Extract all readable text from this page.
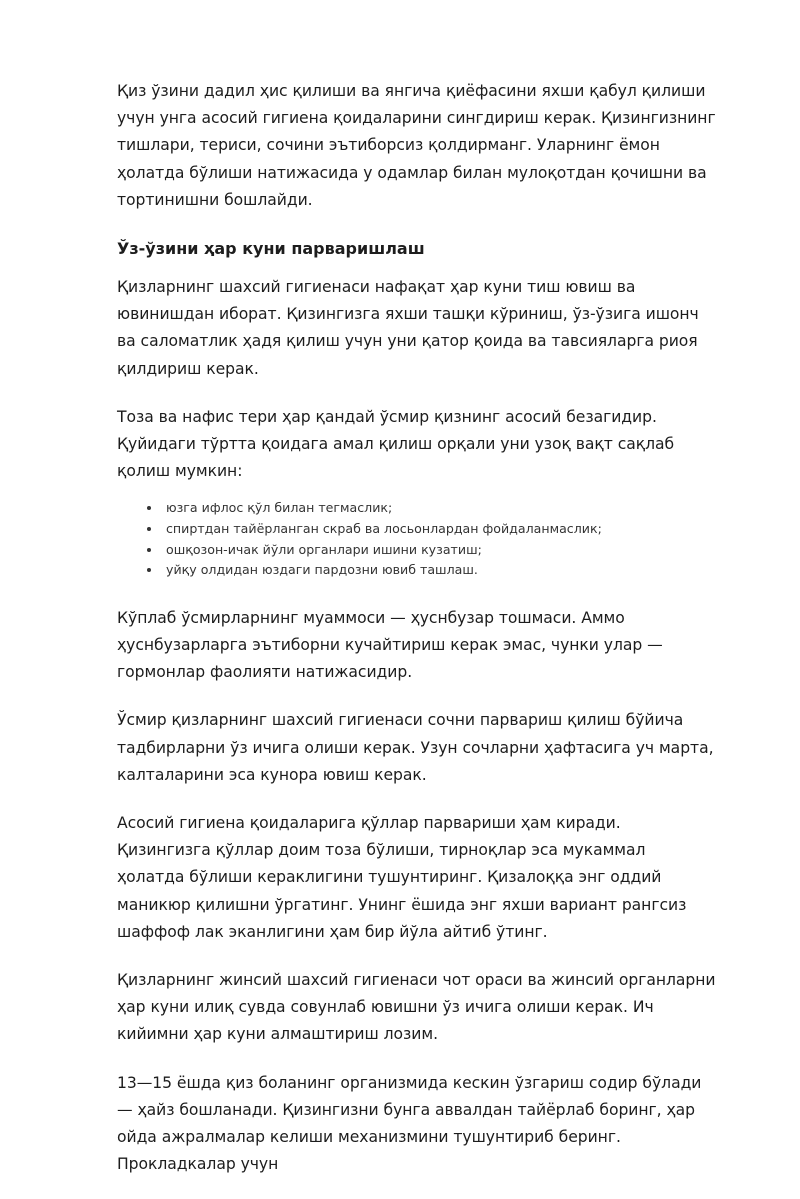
Қиз ўзини дадил ҳис қилиши ва янгича қиёфасини яхши қабул қилиши учун унга асосий гигиена қоидаларини сингдириш керак. Қизингизнинг тишлари, териси, сочини эътиборсиз қолдирманг. Уларнинг ёмон ҳолатда бўлиши натижасида у одамлар билан мулоқотдан қочишни ва тортинишни бошлайди.

Ўз-ўзини ҳар куни парваришлаш

Қизларнинг шахсий гигиенаси нафақат ҳар куни тиш ювиш ва ювинишдан иборат. Қизингизга яхши ташқи кўриниш, ўз-ўзига ишонч ва саломатлик ҳадя қилиш учун уни қатор қоида ва тавсияларга риоя қилдириш керак.

Тоза ва нафис тери ҳар қандай ўсмир қизнинг асосий безагидир. Қуйидаги тўртта қоидага амал қилиш орқали уни узоқ вақт сақлаб қолиш мумкин:

юзга ифлос қўл билан тегмаслик;
спиртдан тайёрланган скраб ва лосьонлардан фойдаланмаслик;
ошқозон-ичак йўли органлари ишини кузатиш;
уйқу олдидан юздаги пардозни ювиб ташлаш.

Кўплаб ўсмирларнинг муаммоси — ҳуснбузар тошмаси. Аммо ҳуснбузарларга эътиборни кучайтириш керак эмас, чунки улар — гормонлар фаолияти натижасидир.

Ўсмир қизларнинг шахсий гигиенаси сочни парвариш қилиш бўйича тадбирларни ўз ичига олиши керак. Узун сочларни ҳафтасига уч марта, калталарини эса кунора ювиш керак.

Асосий гигиена қоидаларига қўллар парвариши ҳам киради. Қизингизга қўллар доим тоза бўлиши, тирноқлар эса мукаммал ҳолатда бўлиши кераклигини тушунтиринг. Қизалоққа энг оддий маникюр қилишни ўргатинг. Унинг ёшида энг яхши вариант рангсиз шаффоф лак эканлигини ҳам бир йўла айтиб ўтинг.

Қизларнинг жинсий шахсий гигиенаси чот ораси ва жинсий органларни ҳар куни илиқ сувда совунлаб ювишни ўз ичига олиши керак. Ич кийимни ҳар куни алмаштириш лозим.

13—15 ёшда қиз боланинг организмида кескин ўзгариш содир бўлади — ҳайз бошланади. Қизингизни бунга аввалдан тайёрлаб боринг, ҳар ойда ажралмалар келиши механизмини тушунтириб беринг. Прокладкалар учун
